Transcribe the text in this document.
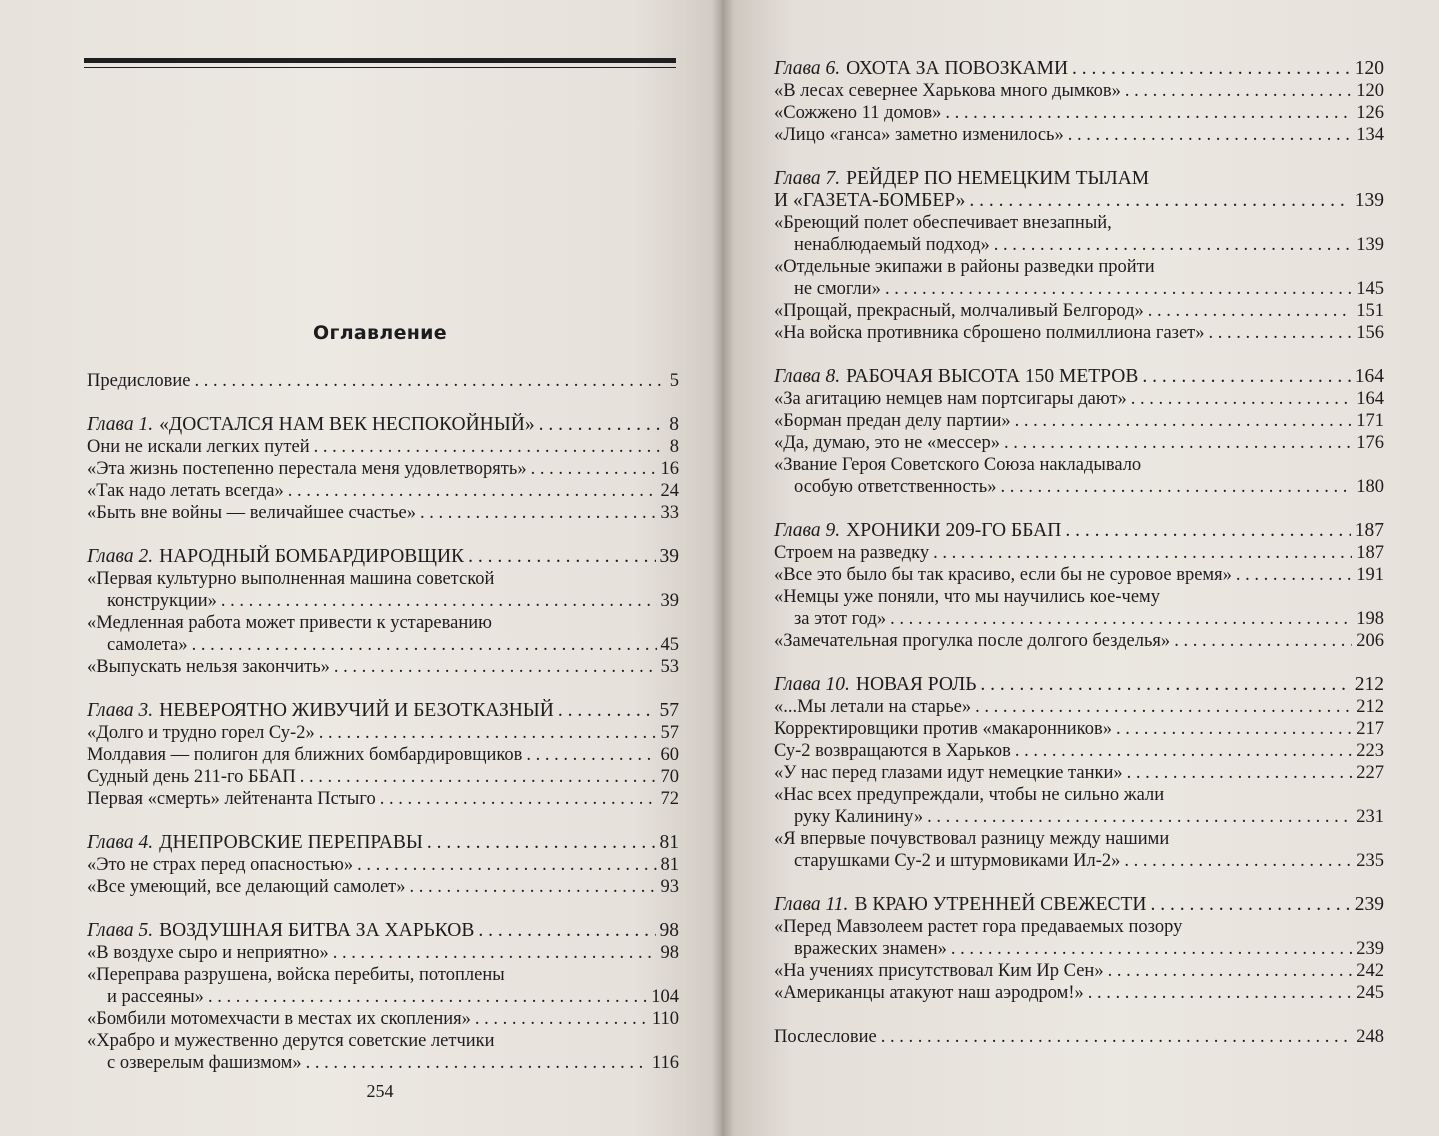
Оглавление
Предисловие . . .	5
Глава 1. «ДОСТАЛСЯ НАМ ВЕК НЕСПОКОЙНЫЙ» . . .	8
Они не искали легких путей . . .	8
«Эта жизнь постепенно перестала меня удовлетворять» . . .	16
«Так надо летать всегда» . . .	24
«Быть вне войны — величайшее счастье» . . .	33
Глава 2. НАРОДНЫЙ БОМБАРДИРОВЩИК . . .	39
«Первая культурно выполненная машина советской
конструкции» . . .	39
«Медленная работа может привести к устареванию
самолета» . . .	45
«Выпускать нельзя закончить» . . .	53
Глава 3. НЕВЕРОЯТНО ЖИВУЧИЙ И БЕЗОТКАЗНЫЙ . . .	57
«Долго и трудно горел Су-2» . . .	57
Молдавия — полигон для ближних бомбардировщиков . . .	60
Судный день 211-го ББАП . . .	70
Первая «смерть» лейтенанта Пстыго . . .	72
Глава 4. ДНЕПРОВСКИЕ ПЕРЕПРАВЫ . . .	81
«Это не страх перед опасностью» . . .	81
«Все умеющий, все делающий самолет» . . .	93
Глава 5. ВОЗДУШНАЯ БИТВА ЗА ХАРЬКОВ . . .	98
«В воздухе сыро и неприятно» . . .	98
«Переправа разрушена, войска перебиты, потоплены
и рассеяны» . . .	104
«Бомбили мотомехчасти в местах их скопления» . . .	110
«Храбро и мужественно дерутся советские летчики
с озверелым фашизмом» . . .	116
254
Глава 6. ОХОТА ЗА ПОВОЗКАМИ . . .	120
«В лесах севернее Харькова много дымков» . . .	120
«Сожжено 11 домов» . . .	126
«Лицо «ганса» заметно изменилось» . . .	134
Глава 7. РЕЙДЕР ПО НЕМЕЦКИМ ТЫЛАМ
И «ГАЗЕТА-БОМБЕР» . . .	139
«Бреющий полет обеспечивает внезапный,
ненаблюдаемый подход» . . .	139
«Отдельные экипажи в районы разведки пройти
не смогли» . . .	145
«Прощай, прекрасный, молчаливый Белгород» . . .	151
«На войска противника сброшено полмиллиона газет» . . .	156
Глава 8. РАБОЧАЯ ВЫСОТА 150 МЕТРОВ . . .	164
«За агитацию немцев нам портсигары дают» . . .	164
«Борман предан делу партии» . . .	171
«Да, думаю, это не «мессер» . . .	176
«Звание Героя Советского Союза накладывало
особую ответственность» . . .	180
Глава 9. ХРОНИКИ 209-ГО ББАП . . .	187
Строем на разведку . . .	187
«Все это было бы так красиво, если бы не суровое время» . . .	191
«Немцы уже поняли, что мы научились кое-чему
за этот год» . . .	198
«Замечательная прогулка после долгого безделья» . . .	206
Глава 10. НОВАЯ РОЛЬ . . .	212
«...Мы летали на старье» . . .	212
Корректировщики против «макаронников» . . .	217
Су-2 возвращаются в Харьков . . .	223
«У нас перед глазами идут немецкие танки» . . .	227
«Нас всех предупреждали, чтобы не сильно жали
руку Калинину» . . .	231
«Я впервые почувствовал разницу между нашими
старушками Су-2 и штурмовиками Ил-2» . . .	235
Глава 11. В КРАЮ УТРЕННЕЙ СВЕЖЕСТИ . . .	239
«Перед Мавзолеем растет гора предаваемых позору
вражеских знамен» . . .	239
«На учениях присутствовал Ким Ир Сен» . . .	242
«Американцы атакуют наш аэродром!» . . .	245
Послесловие . . .	248
